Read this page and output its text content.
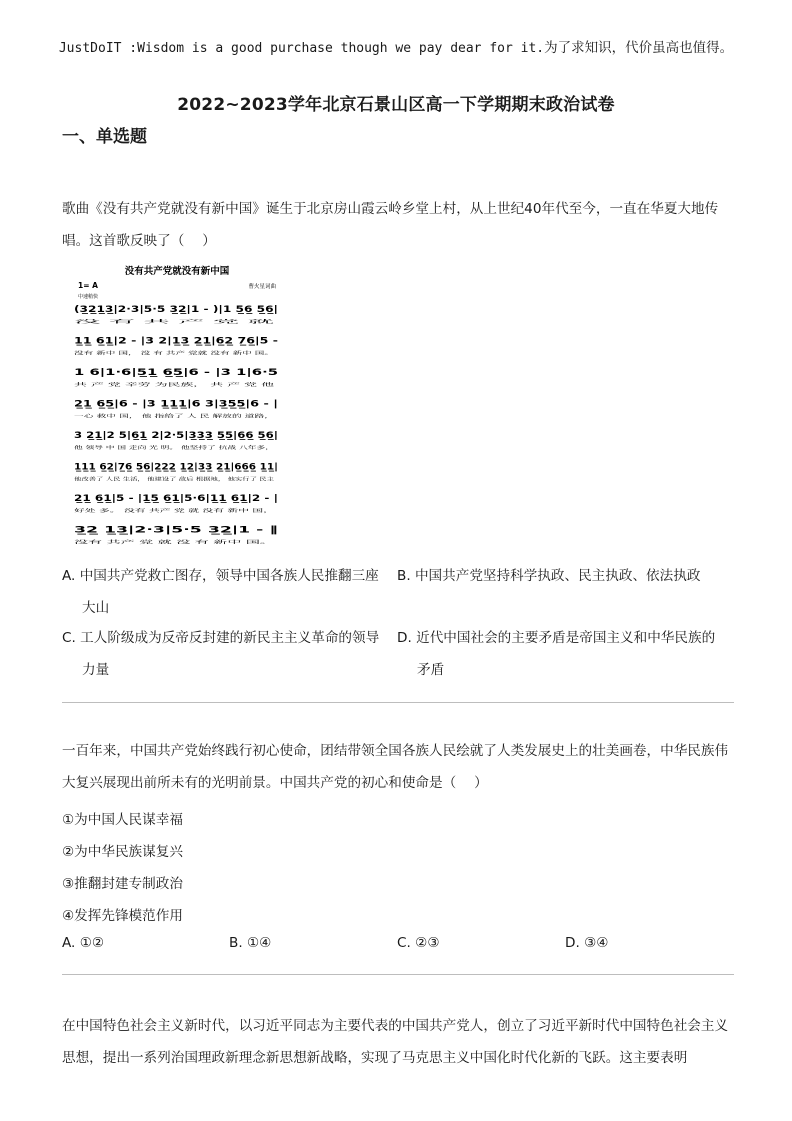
JustDoIT :Wisdom is a good purchase though we pay dear for it.为了求知识，代价虽高也值得。
2022~2023学年北京石景山区高一下学期期末政治试卷
一、单选题
歌曲《没有共产党就没有新中国》诞生于北京房山霞云岭乡堂上村，从上世纪40年代至今，一直在华夏大地传唱。这首歌反映了（　 ）
没有共产党就没有新中国
1= A
中速稍快
曹火星词曲
(3̲2̲1̲3̲|2·3|5·5 3̲2̲|1 - )|1 5̲6̲ 5̲6̲|
没 有 共 产 党 就
1̲1̲ 6̲1̲|2 - |3 2|1̲3̲ 2̲1̲|6̲2̲ 7̲6̲|5 -
没有 新中 国， 没 有 共产 党就 没有 新中 国。
1 6|1·6|5̲1̲ 6̲5̲|6 - |3 1|6·5
共 产 党 辛劳 为民族， 共 产 党 他
2̲1̲ 6̲5̲|6 - |3 1̲1̲1̲|6 3|3̲5̲5̲|6 - |
一心 救中 国， 他 指给了 人 民 解放的 道路，
3 2̲1̲|2 5|6̲1̲ 2|2·5|3̲3̲3̲ 5̲5̲|6̲6̲ 5̲6̲|
他 领导 中 国 走向 光 明。 他坚持了 抗战 八年多，
1̲1̲1̲ 6̲2̲|7̲6̲ 5̲6̲|2̲2̲2̲ 1̲2̲|3̲3̲ 2̲1̲|6̲6̲6̲ 1̲1̲|
他改善了 人民 生活， 他建设了 敌后 根据地， 他实行了 民主
2̲1̲ 6̲1̲|5 - |1̲5̲ 6̲1̲|5·6|1̲1̲ 6̲1̲|2 - |
好处 多。 没有 共产 党 就 没有 新中 国，
3̲2̲ 1̲3̲|2·3|5·5 3̲2̲|1 - ‖
没有 共产 党 就 没 有 新中 国。
A. 中国共产党救亡图存，领导中国各族人民推翻三座
大山
B. 中国共产党坚持科学执政、民主执政、依法执政
C. 工人阶级成为反帝反封建的新民主主义革命的领导
力量
D. 近代中国社会的主要矛盾是帝国主义和中华民族的
矛盾
一百年来，中国共产党始终践行初心使命，团结带领全国各族人民绘就了人类发展史上的壮美画卷，中华民族伟大复兴展现出前所未有的光明前景。中国共产党的初心和使命是（　 ）
①为中国人民谋幸福
②为中华民族谋复兴
③推翻封建专制政治
④发挥先锋模范作用
A. ①②	B. ①④	C. ②③	D. ③④
在中国特色社会主义新时代，以习近平同志为主要代表的中国共产党人，创立了习近平新时代中国特色社会主义思想，提出一系列治国理政新理念新思想新战略，实现了马克思主义中国化时代化新的飞跃。这主要表明
